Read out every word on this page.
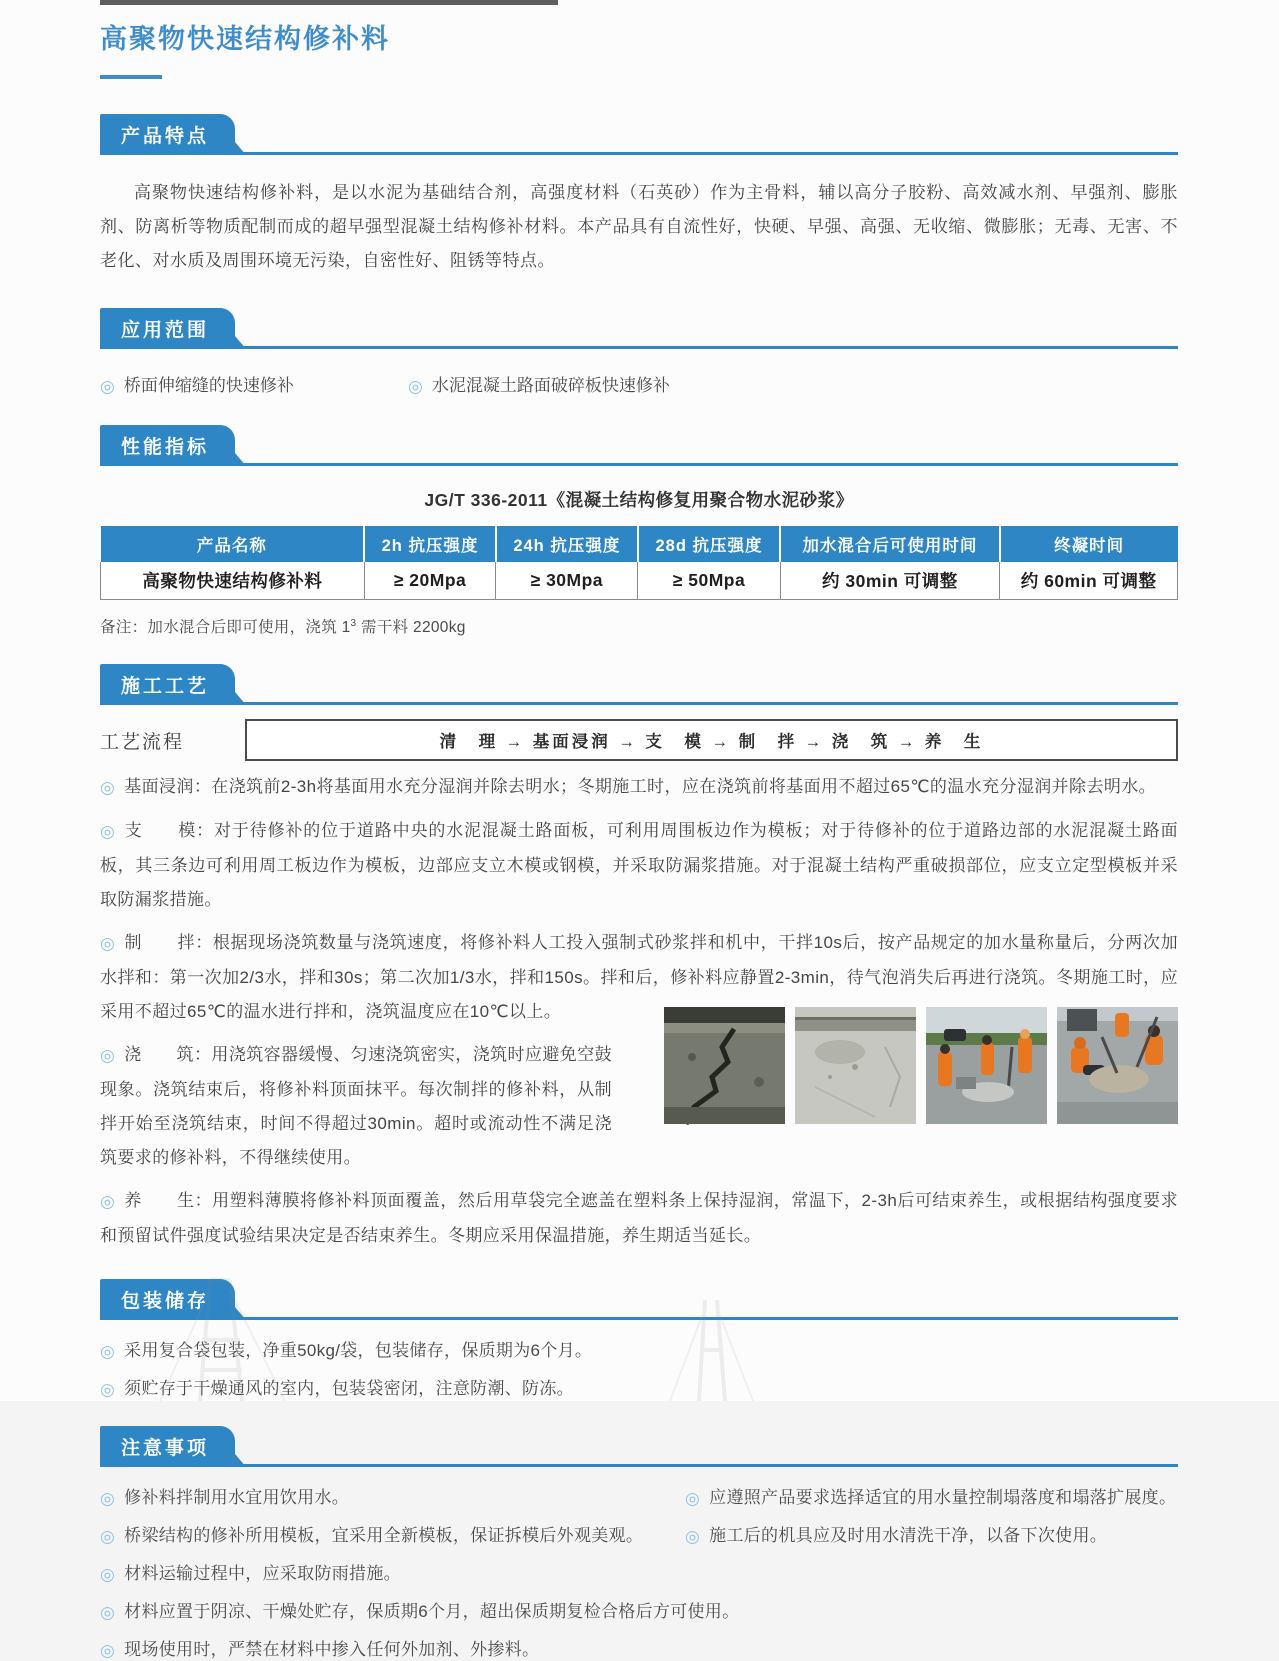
高聚物快速结构修补料
产品特点

高聚物快速结构修补料，是以水泥为基础结合剂，高强度材料（石英砂）作为主骨料，辅以高分子胶粉、高效减水剂、早强剂、膨胀剂、防离析等物质配制而成的超早强型混凝土结构修补材料。本产品具有自流性好，快硬、早强、高强、无收缩、微膨胀；无毒、无害、不老化、对水质及周围环境无污染，自密性好、阻锈等特点。

应用范围
◎ 桥面伸缩缝的快速修补	◎ 水泥混凝土路面破碎板快速修补
性能指标
JG/T 336-2011《混凝土结构修复用聚合物水泥砂浆》
产品名称	2h 抗压强度	24h 抗压强度	28d 抗压强度	加水混合后可使用时间	终凝时间
高聚物快速结构修补料	≥ 20Mpa	≥ 30Mpa	≥ 50Mpa	约 30min 可调整	约 60min 可调整
备注：加水混合后即可使用，浇筑 $1^3$ 需干料 2200kg
施工工艺
工艺流程	清　理 → 基面浸润 → 支　模 → 制　拌 → 浇　筑 → 养　生

◎ 基面浸润：在浇筑前2-3h将基面用水充分湿润并除去明水；冬期施工时，应在浇筑前将基面用不超过65℃的温水充分湿润并除去明水。

◎ 支　　模：对于待修补的位于道路中央的水泥混凝土路面板，可利用周围板边作为模板；对于待修补的位于道路边部的水泥混凝土路面板，其三条边可利用周工板边作为模板，边部应支立木模或钢模，并采取防漏浆措施。对于混凝土结构严重破损部位，应支立定型模板并采取防漏浆措施。

◎ 制　　拌：根据现场浇筑数量与浇筑速度，将修补料人工投入强制式砂浆拌和机中，干拌10s后，按产品规定的加水量称量后，分两次加水拌和：第一次加2/3水，拌和30s；第二次加1/3水，拌和150s。拌和后，修补料应静置2-3min，待气泡消失后再进行浇筑。冬期施工时，应采用不超过65℃的温水进行拌和，浇筑温度应在10℃以上。

◎ 浇　　筑：用浇筑容器缓慢、匀速浇筑密实，浇筑时应避免空鼓现象。浇筑结束后，将修补料顶面抹平。每次制拌的修补料，从制拌开始至浇筑结束，时间不得超过30min。超时或流动性不满足浇筑要求的修补料，不得继续使用。

◎ 养　　生：用塑料薄膜将修补料顶面覆盖，然后用草袋完全遮盖在塑料条上保持湿润，常温下，2-3h后可结束养生，或根据结构强度要求和预留试件强度试验结果决定是否结束养生。冬期应采用保温措施，养生期适当延长。

包装储存
◎ 采用复合袋包装，净重50kg/袋，包装储存，保质期为6个月。
◎ 须贮存于干燥通风的室内，包装袋密闭，注意防潮、防冻。
注意事项
◎ 修补料拌制用水宜用饮用水。	◎ 应遵照产品要求选择适宜的用水量控制塌落度和塌落扩展度。
◎ 桥梁结构的修补所用模板，宜采用全新模板，保证拆模后外观美观。	◎ 施工后的机具应及时用水清洗干净，以备下次使用。
◎ 材料运输过程中，应采取防雨措施。
◎ 材料应置于阴凉、干燥处贮存，保质期6个月，超出保质期复检合格后方可使用。
◎ 现场使用时，严禁在材料中掺入任何外加剂、外掺料。
